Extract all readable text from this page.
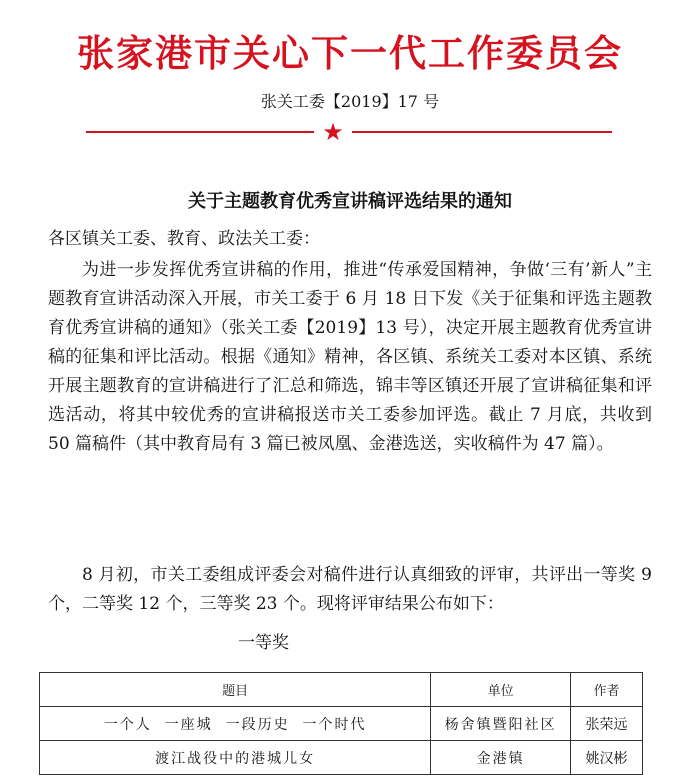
张家港市关心下一代工作委员会
张关工委【2019】17 号
★
关于主题教育优秀宣讲稿评选结果的通知
各区镇关工委、教育、政法关工委：

为进一步发挥优秀宣讲稿的作用，推进“传承爱国精神，争做‘三有’新人”主题教育宣讲活动深入开展，市关工委于 6 月 18 日下发《关于征集和评选主题教育优秀宣讲稿的通知》（张关工委【2019】13 号），决定开展主题教育优秀宣讲稿的征集和评比活动。根据《通知》精神，各区镇、系统关工委对本区镇、系统开展主题教育的宣讲稿进行了汇总和筛选，锦丰等区镇还开展了宣讲稿征集和评选活动，将其中较优秀的宣讲稿报送市关工委参加评选。截止 7 月底，共收到 50 篇稿件（其中教育局有 3 篇已被凤凰、金港选送，实收稿件为 47 篇）。

8 月初，市关工委组成评委会对稿件进行认真细致的评审，共评出一等奖 9 个，二等奖 12 个，三等奖 23 个。现将评审结果公布如下：

一等奖
题目	单位	作者
一个人  一座城  一段历史  一个时代	杨舍镇暨阳社区	张荣远
渡江战役中的港城儿女	金港镇	姚汉彬
